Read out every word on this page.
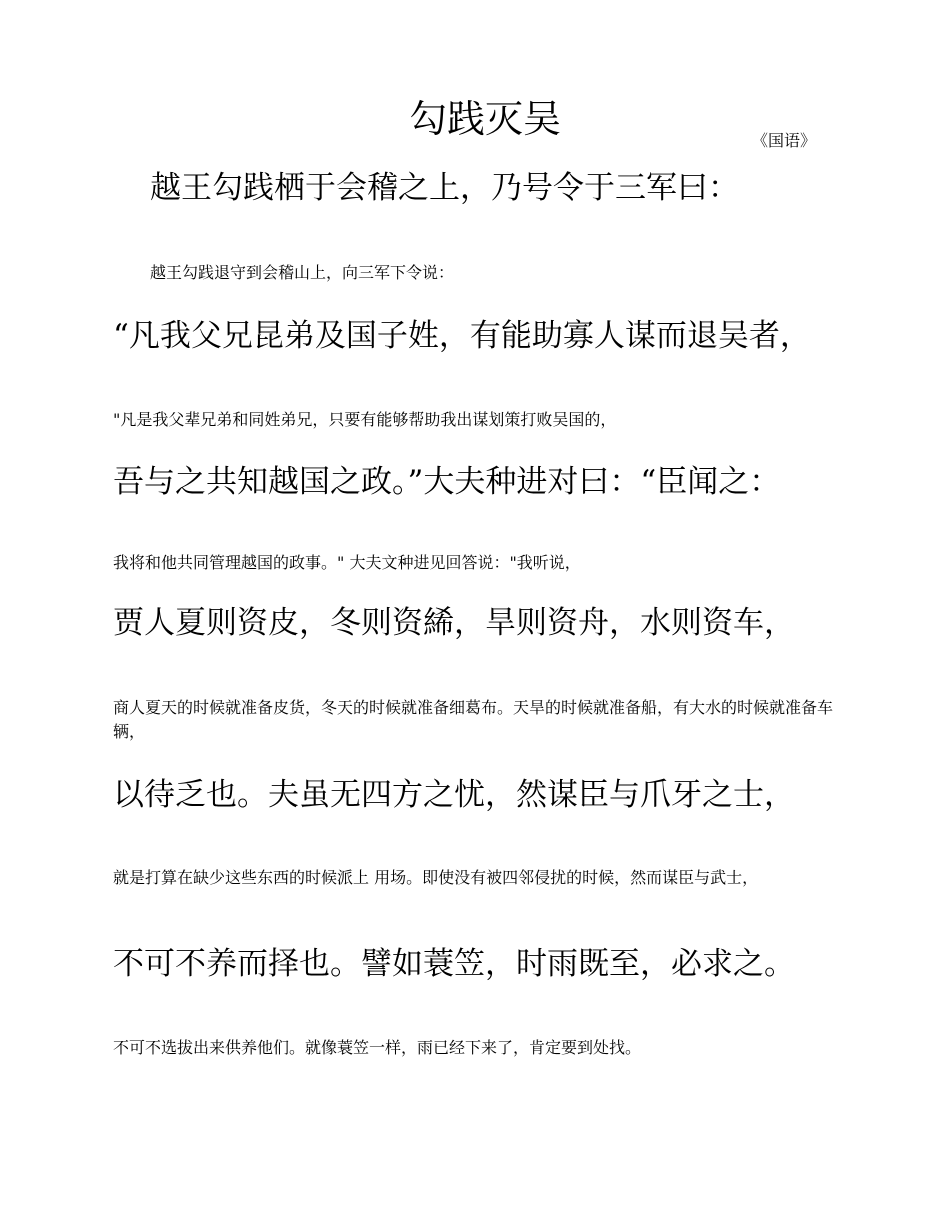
勾践灭吴	《国语》

越王勾践栖于会稽之上，乃号令于三军曰：

越王勾践退守到会稽山上，向三军下令说：

“凡我父兄昆弟及国子姓，有能助寡人谋而退吴者，

"凡是我父辈兄弟和同姓弟兄，只要有能够帮助我出谋划策打败吴国的，

吾与之共知越国之政。”大夫种进对曰：“臣闻之：

我将和他共同管理越国的政事。" 大夫文种进见回答说："我听说，

贾人夏则资皮，冬则资絺，旱则资舟，水则资车，

商人夏天的时候就准备皮货，冬天的时候就准备细葛布。天旱的时候就准备船，有大水的时候就准备车辆，

以待乏也。夫虽无四方之忧，然谋臣与爪牙之士，

就是打算在缺少这些东西的时候派上 用场。即使没有被四邻侵扰的时候，然而谋臣与武士，

不可不养而择也。譬如蓑笠，时雨既至，必求之。

不可不选拔出来供养他们。就像蓑笠一样，雨已经下来了，肯定要到处找。
